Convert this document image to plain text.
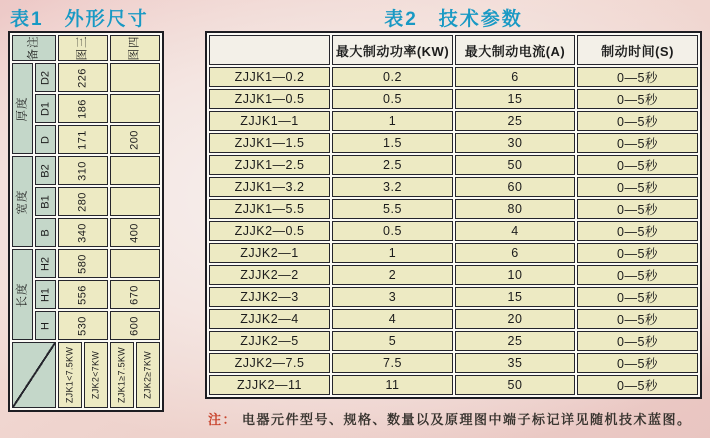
表1　外形尺寸	表2　技术参数
备注		图三		图四	

厚度	D2	226			

	D1	186			

	D	171		200	

宽度	B2	310			

	B1	280			

	B	340		400	

长度	H2	580			

	H1	556		670	

	H	530		600	

		ZJK1<7.5KW	ZJK2<7KW	ZJK1≥7.5KW	ZJK2≥7KW
	最大制动功率(KW)	最大制动电流(A)	制动时间(S)
ZJJK1—0.2	0.2	6	0—5秒
ZJJK1—0.5	0.5	15	0—5秒
ZJJK1—1	1	25	0—5秒
ZJJK1—1.5	1.5	30	0—5秒
ZJJK1—2.5	2.5	50	0—5秒
ZJJK1—3.2	3.2	60	0—5秒
ZJJK1—5.5	5.5	80	0—5秒
ZJJK2—0.5	0.5	4	0—5秒
ZJJK2—1	1	6	0—5秒
ZJJK2—2	2	10	0—5秒
ZJJK2—3	3	15	0—5秒
ZJJK2—4	4	20	0—5秒
ZJJK2—5	5	25	0—5秒
ZJJK2—7.5	7.5	35	0—5秒
ZJJK2—11	11	50	0—5秒
注： 电器元件型号、规格、数量以及原理图中端子标记详见随机技术蓝图。
